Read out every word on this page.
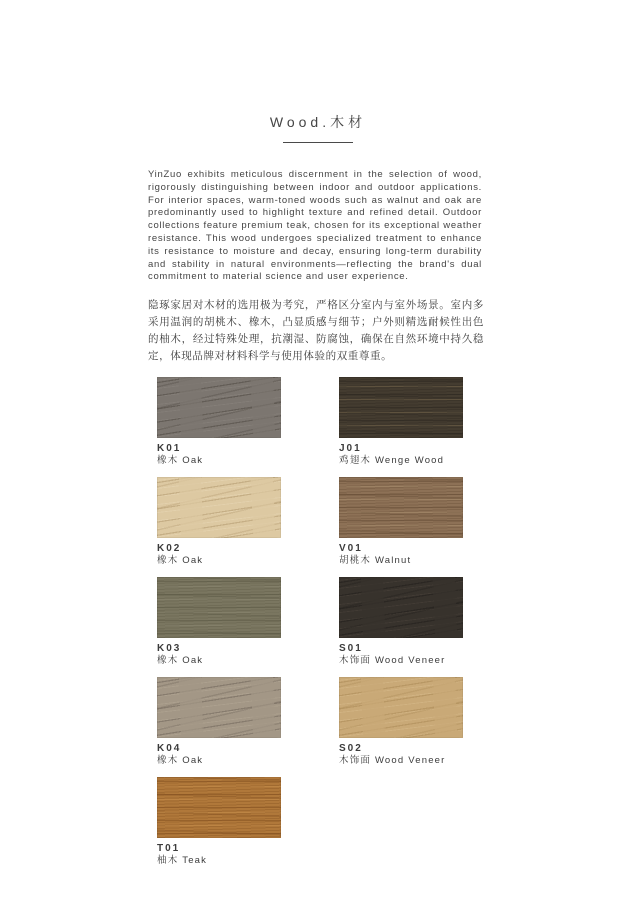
Wood.木材

YinZuo exhibits meticulous discernment in the selection of wood, rigorously distinguishing between indoor and outdoor applications. For interior spaces, warm-toned woods such as walnut and oak are predominantly used to highlight texture and refined detail. Outdoor collections feature premium teak, chosen for its exceptional weather resistance. This wood undergoes specialized treatment to enhance its resistance to moisture and decay, ensuring long-term durability and stability in natural environments—reflecting the brand's dual commitment to material science and user experience.

隐琢家居对木材的选用极为考究，严格区分室内与室外场景。室内多采用温润的胡桃木、橡木，凸显质感与细节；户外则精选耐候性出色的柚木，经过特殊处理，抗潮湿、防腐蚀，确保在自然环境中持久稳定，体现品牌对材料科学与使用体验的双重尊重。

K01
橡木 Oak
J01
鸡翅木 Wenge Wood
K02
橡木 Oak
V01
胡桃木 Walnut
K03
橡木 Oak
S01
木饰面 Wood Veneer
K04
橡木 Oak
S02
木饰面 Wood Veneer
T01
柚木 Teak
